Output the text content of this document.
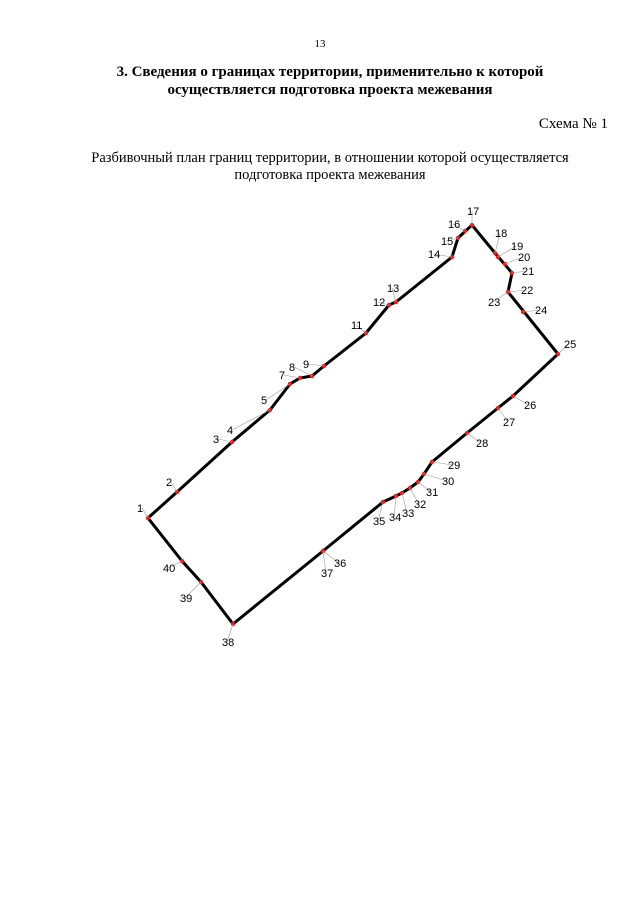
13
3. Сведения о границах территории, применительно к которой
осуществляется подготовка проекта межевания
Схема № 1
Разбивочный план границ территории, в отношении которой осуществляется
подготовка проекта межевания
1
2
3
4
5
7
8 9
11
12
13
14
15
16
17
18
19
20
21
22
23
24
25
26
27
28
29
30
31
32
33
34
35
36
37
38
39
40
